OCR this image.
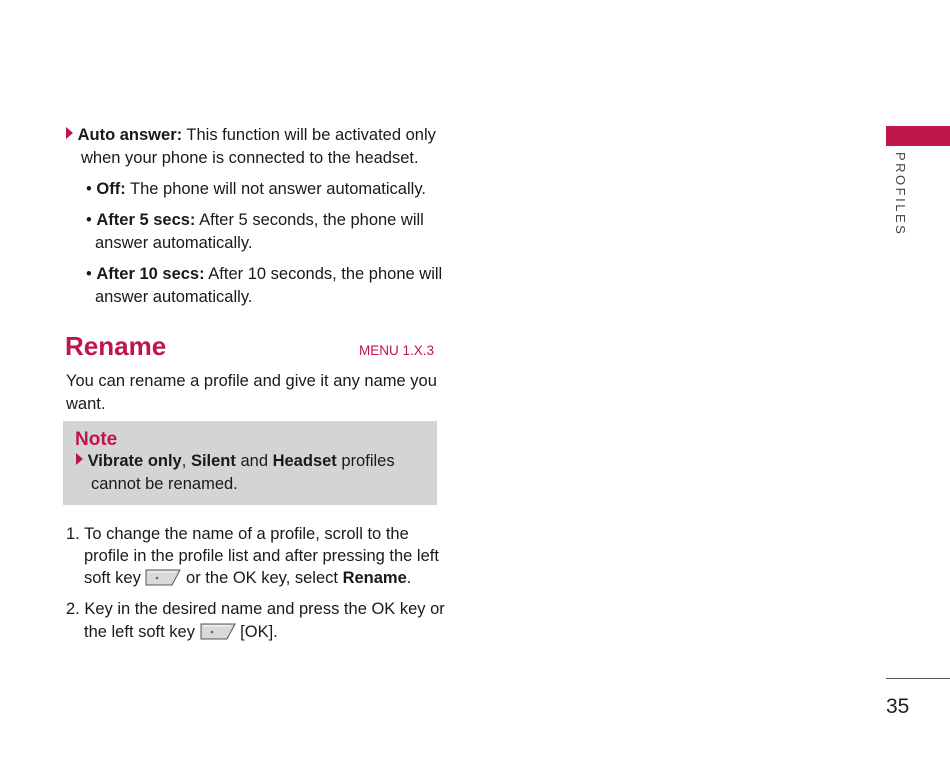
PROFILES
35
Auto answer: This function will be activated only
when your phone is connected to the headset.
• Off: The phone will not answer automatically.
• After 5 secs: After 5 seconds, the phone will
answer automatically.
• After 10 secs: After 10 seconds, the phone will
answer automatically.
Rename	MENU 1.X.3
You can rename a profile and give it any name you
want.
Note
Vibrate only, Silent and Headset profiles
cannot be renamed.
1. To change the name of a profile, scroll to the
profile in the profile list and after pressing the left
soft key	or the OK key, select Rename.
2. Key in the desired name and press the OK key or
the left soft key	[OK].
